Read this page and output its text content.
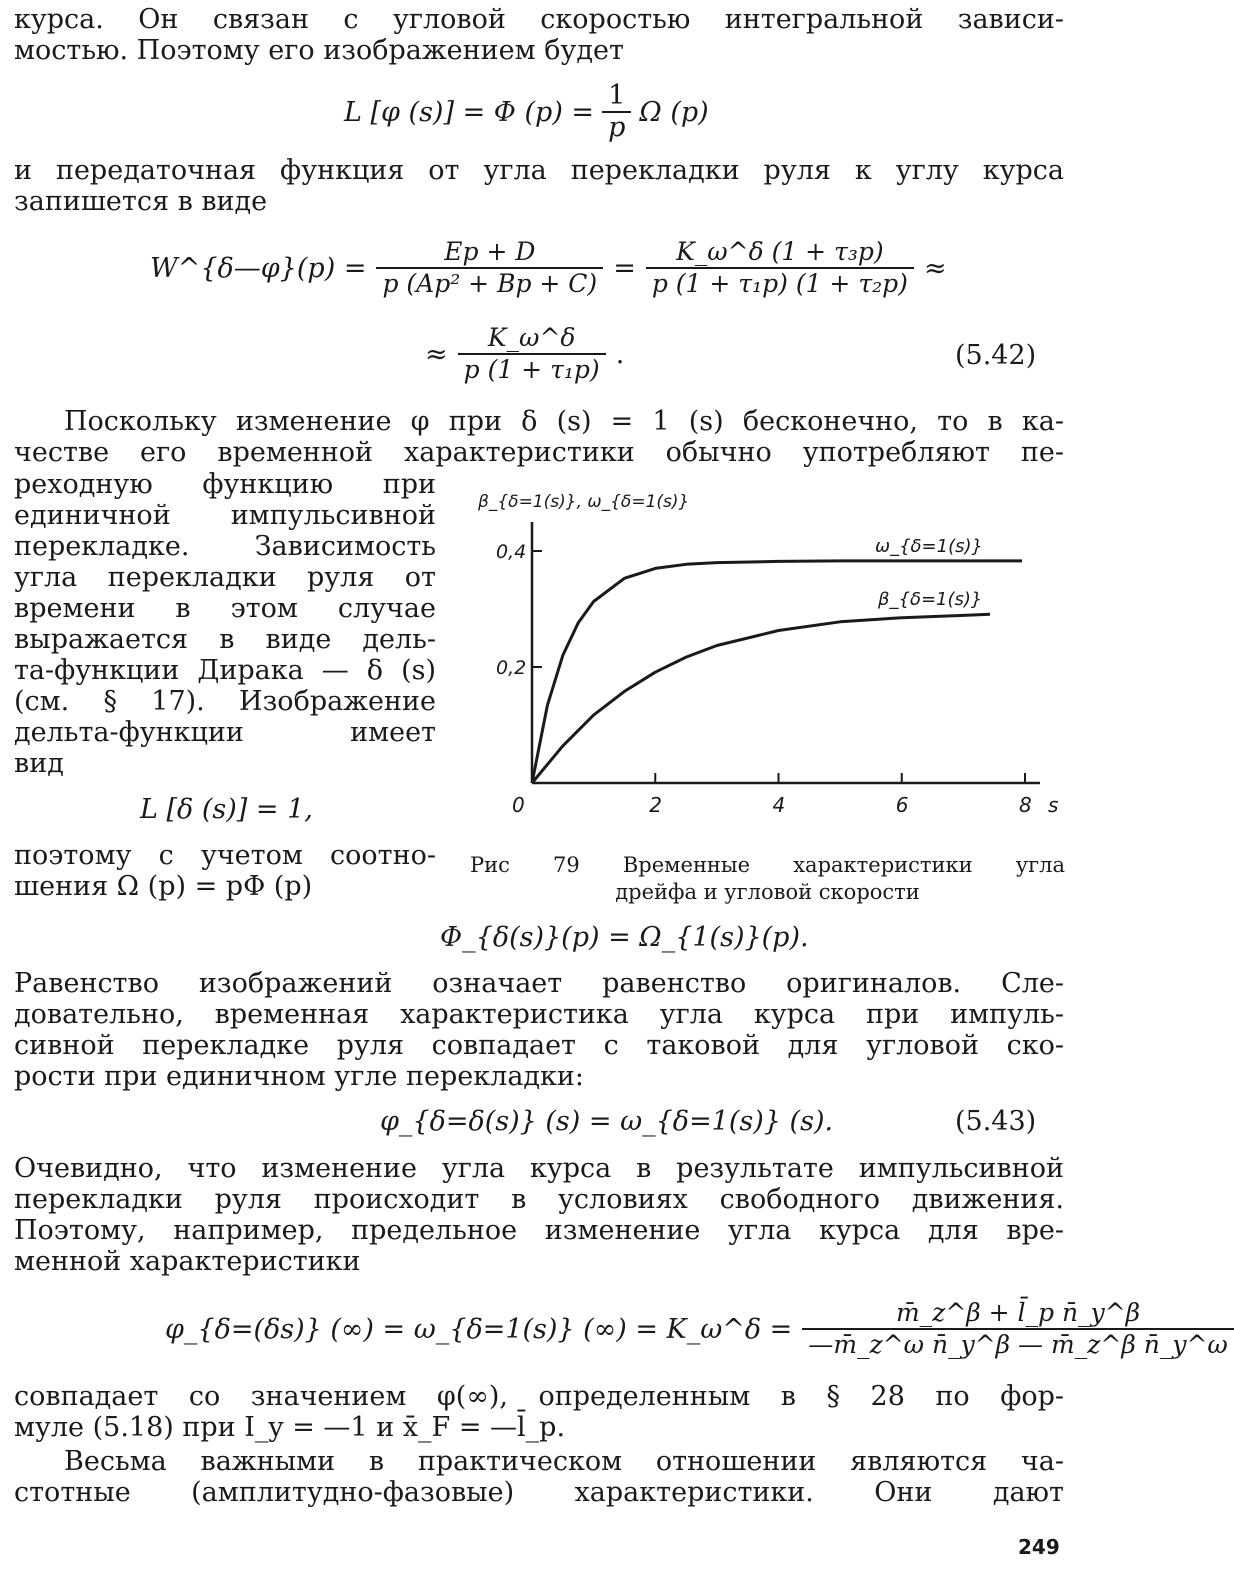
курса. Он связан с угловой скоростью интегральной зависи-
мостью. Поэтому его изображением будет
L [φ (s)] = Φ $(p) = \frac{1}{p}$ Ω (p)
и передаточная функция от угла перекладки руля к углу курса
запишется в виде
W^{δ—φ}(p) = $\frac{Ep + D}{\text{p (Ap² + Bp + C)}} = \frac{\text{K\_ω\textasciicircum{}δ (1 + τ₃p)}}{\text{p (1 + τ₁p) (1 + τ₂p)}}$ ≈
≈ $\frac{K\_\omega\^{}\delta}{\text{p (1 + τ₁p)}}$ .	(5.42)
Поскольку изменение φ при δ (s) = 1 (s) бесконечно, то в ка-
честве его временной характеристики обычно употребляют пе-
реходную функцию при
единичной импульсивной
перекладке. Зависимость
угла перекладки руля от
времени в этом случае
выражается в виде дель-
та-функции Дирака — δ (s)
(см. § 17). Изображение
дельта-функции имеет
вид
L [δ (s)] = 1,
поэтому с учетом соотно-
шения Ω (p) = pΦ (p)
β_{δ=1(s)}, ω_{δ=1(s)}
0,2
0,4
0	2	4	6	8
ω_{δ=1(s)}
β_{δ=1(s)}
s
Рис 79 Временные характеристики угла
дрейфа и угловой скорости
Φ_{δ(s)}(p) = Ω_{1(s)}(p).
Равенство изображений означает равенство оригиналов. Сле-
довательно, временная характеристика угла курса при импуль-
сивной перекладке руля совпадает с таковой для угловой ско-
рости при единичном угле перекладки:
φ_{δ=δ(s)} (s) = ω_{δ=1(s)} (s).	(5.43)
Очевидно, что изменение угла курса в результате импульсивной
перекладки руля происходит в условиях свободного движения.
Поэтому, например, предельное изменение угла курса для вре-
менной характеристики
φ_{δ=(δs)} (∞) = ω_{δ=1(s)} (∞) = K_ω^δ = $\frac{\text{m̄\_z\textasciicircum{}β + l̄\_p n̄\_y\textasciicircum{}β}}{\text{—m̄\_z\textasciicircum{}ω n̄\_y\textasciicircum{}β — m̄\_z\textasciicircum{}β n̄\_y\textasciicircum{}ω}}$
совпадает со значением φ(∞), определенным в § 28 по фор-
муле (5.18) при I_y = —1 и x̄_F = —l̄_p.
Весьма важными в практическом отношении являются ча-
стотные (амплитудно-фазовые) характеристики. Они дают
249
